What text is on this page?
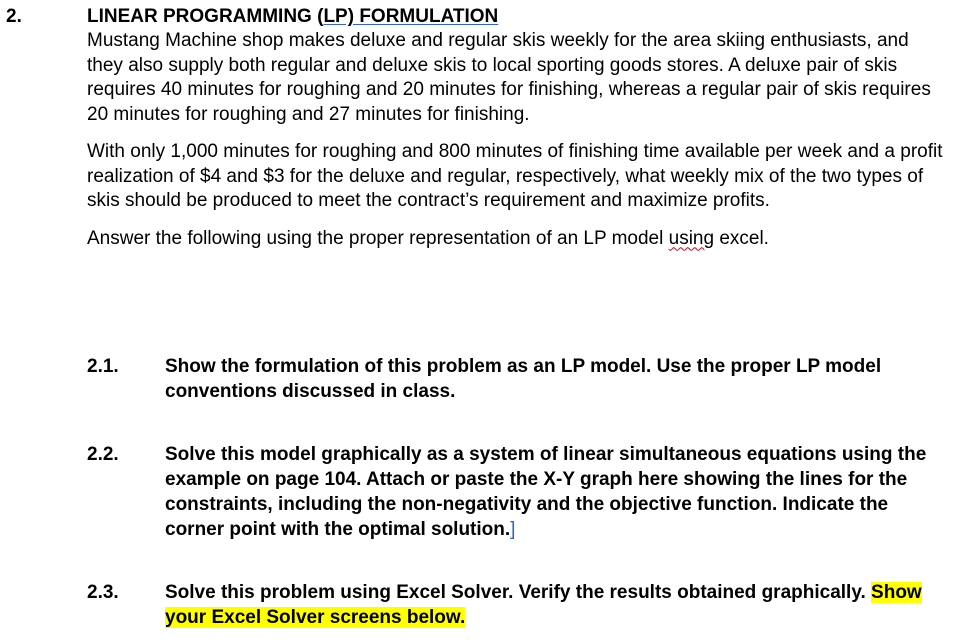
2.	LINEAR PROGRAMMING (LP) FORMULATION

Mustang Machine shop makes deluxe and regular skis weekly for the area skiing enthusiasts, and they also supply both regular and deluxe skis to local sporting goods stores. A deluxe pair of skis requires 40 minutes for roughing and 20 minutes for finishing, whereas a regular pair of skis requires 20 minutes for roughing and 27 minutes for finishing.

With only 1,000 minutes for roughing and 800 minutes of finishing time available per week and a profit realization of $4 and $3 for the deluxe and regular, respectively, what weekly mix of the two types of skis should be produced to meet the contract’s requirement and maximize profits.

Answer the following using the proper representation of an LP model using excel.

2.1. Show the formulation of this problem as an LP model. Use the proper LP model conventions discussed in class.
2.2. Solve this model graphically as a system of linear simultaneous equations using the example on page 104. Attach or paste the X-Y graph here showing the lines for the constraints, including the non-negativity and the objective function. Indicate the corner point with the optimal solution.]
2.3. Solve this problem using Excel Solver. Verify the results obtained graphically. Show your Excel Solver screens below.
